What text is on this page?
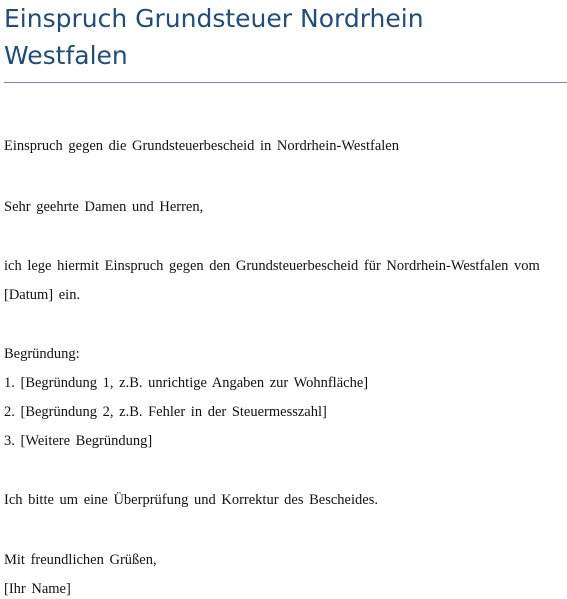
Einspruch Grundsteuer Nordrhein
Westfalen

Einspruch gegen die Grundsteuerbescheid in Nordrhein-Westfalen

Sehr geehrte Damen und Herren,

ich lege hiermit Einspruch gegen den Grundsteuerbescheid für Nordrhein-Westfalen vom

[Datum] ein.

Begründung:

1. [Begründung 1, z.B. unrichtige Angaben zur Wohnfläche]

2. [Begründung 2, z.B. Fehler in der Steuermesszahl]

3. [Weitere Begründung]

Ich bitte um eine Überprüfung und Korrektur des Bescheides.

Mit freundlichen Grüßen,

[Ihr Name]
